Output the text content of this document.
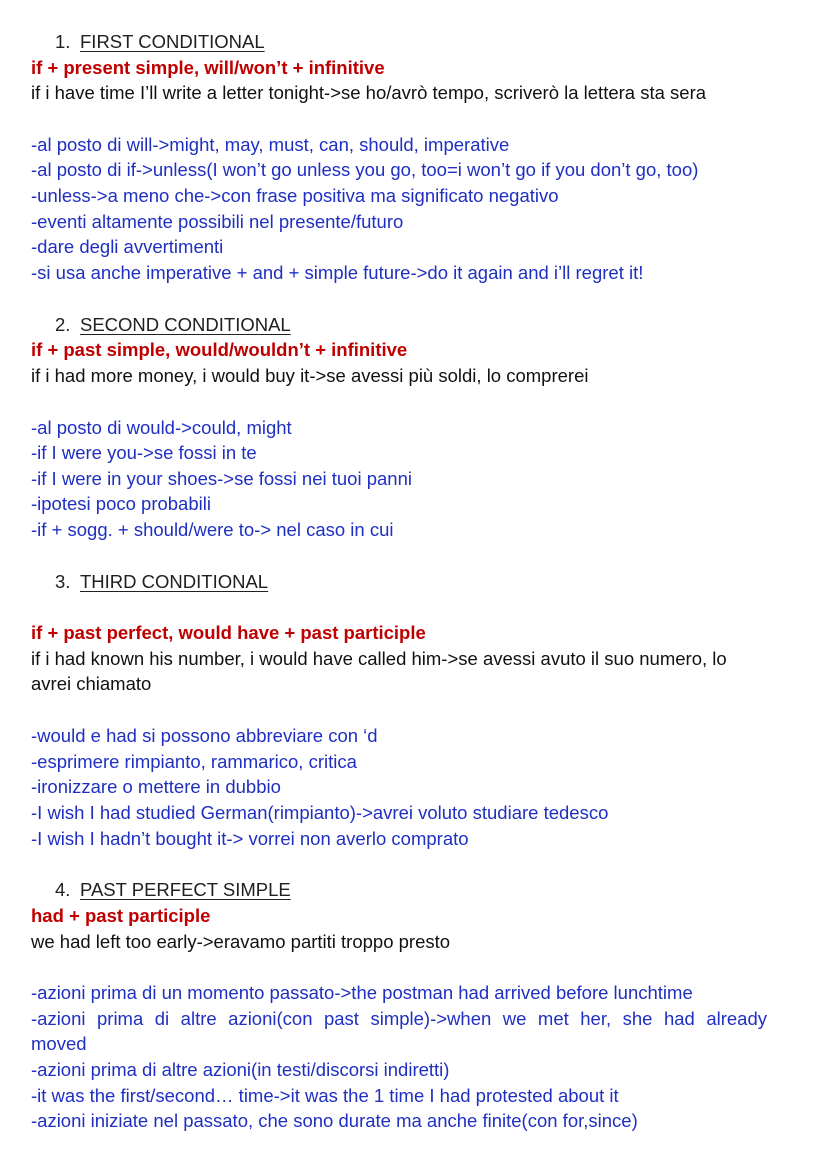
1. FIRST CONDITIONAL
if + present simple, will/won’t + infinitive
if i have time I’ll write a letter tonight->se ho/avrò tempo, scriverò la lettera sta sera
-al posto di will->might, may, must, can, should, imperative
-al posto di if->unless(I won’t go unless you go, too=i won’t go if you don’t go, too)
-unless->a meno che->con frase positiva ma significato negativo
-eventi altamente possibili nel presente/futuro
-dare degli avvertimenti
-si usa anche imperative + and + simple future->do it again and i’ll regret it!
2. SECOND CONDITIONAL
if + past simple, would/wouldn’t + infinitive
if i had more money, i would buy it->se avessi più soldi, lo comprerei
-al posto di would->could, might
-if I were you->se fossi in te
-if I were in your shoes->se fossi nei tuoi panni
-ipotesi poco probabili
-if + sogg. + should/were to-> nel caso in cui
3. THIRD CONDITIONAL
if + past perfect, would have + past participle
if i had known his number, i would have called him->se avessi avuto il suo numero, lo
avrei chiamato
-would e had si possono abbreviare con ‘d
-esprimere rimpianto, rammarico, critica
-ironizzare o mettere in dubbio
-I wish I had studied German(rimpianto)->avrei voluto studiare tedesco
-I wish I hadn’t bought it-> vorrei non averlo comprato
4. PAST PERFECT SIMPLE
had + past participle
we had left too early->eravamo partiti troppo presto
-azioni prima di un momento passato->the postman had arrived before lunchtime
-azioni prima di altre azioni(con past simple)->when we met her, she had already
moved
-azioni prima di altre azioni(in testi/discorsi indiretti)
-it was the first/second… time->it was the 1 time I had protested about it
-azioni iniziate nel passato, che sono durate ma anche finite(con for,since)
